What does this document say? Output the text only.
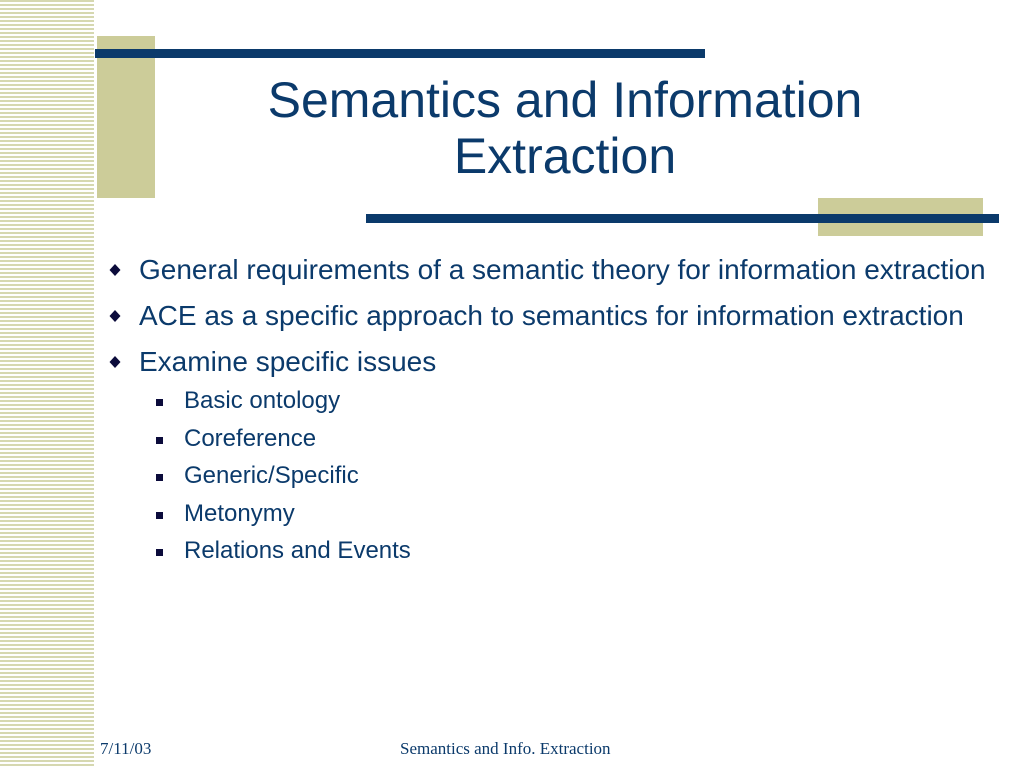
Semantics and Information
Extraction
General requirements of a semantic theory for information extraction
ACE as a specific approach to semantics for information extraction
Examine specific issues
Basic ontology
Coreference
Generic/Specific
Metonymy
Relations and Events
7/11/03	Semantics and Info. Extraction
